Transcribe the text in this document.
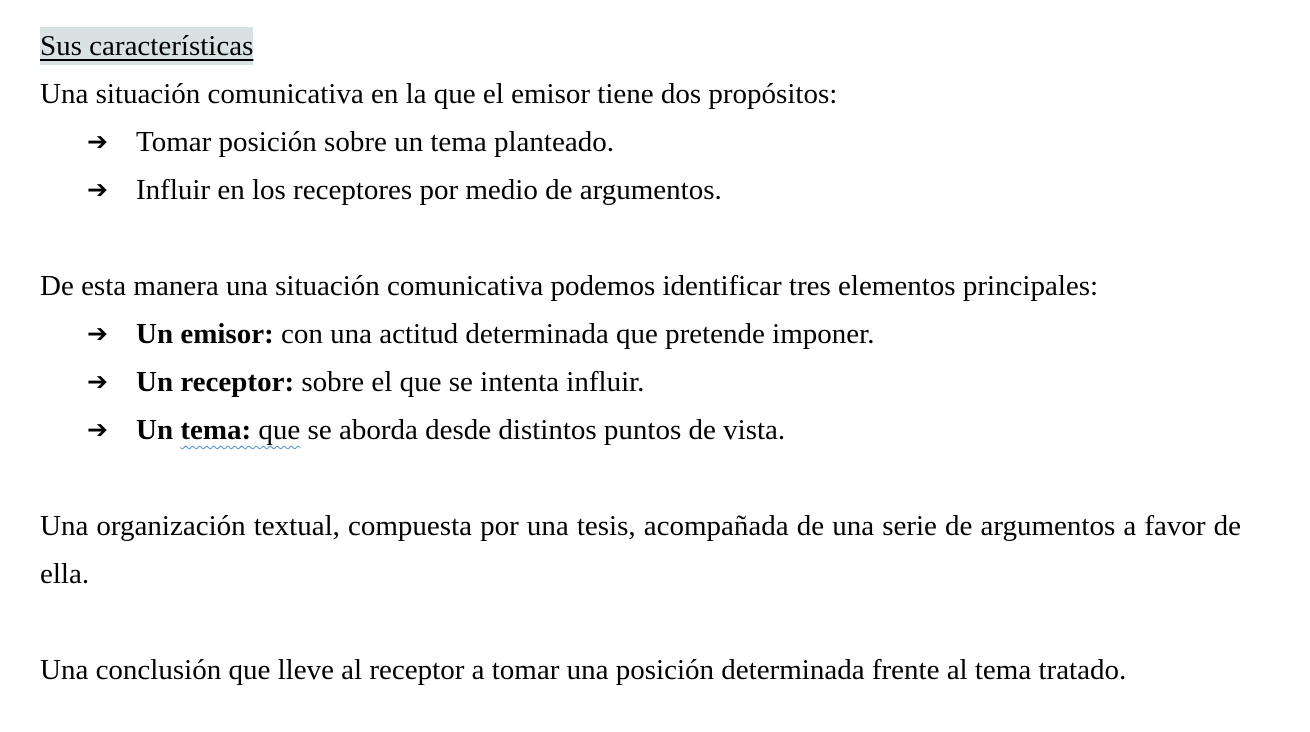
Sus características

Una situación comunicativa en la que el emisor tiene dos propósitos:

➔ Tomar posición sobre un tema planteado.
➔ Influir en los receptores por medio de argumentos.

De esta manera una situación comunicativa podemos identificar tres elementos principales:

➔ Un emisor: con una actitud determinada que pretende imponer.
➔ Un receptor: sobre el que se intenta influir.
➔ Un tema: que se aborda desde distintos puntos de vista.

Una organización textual, compuesta por una tesis, acompañada de una serie de argumentos a favor de ella.

Una conclusión que lleve al receptor a tomar una posición determinada frente al tema tratado.
